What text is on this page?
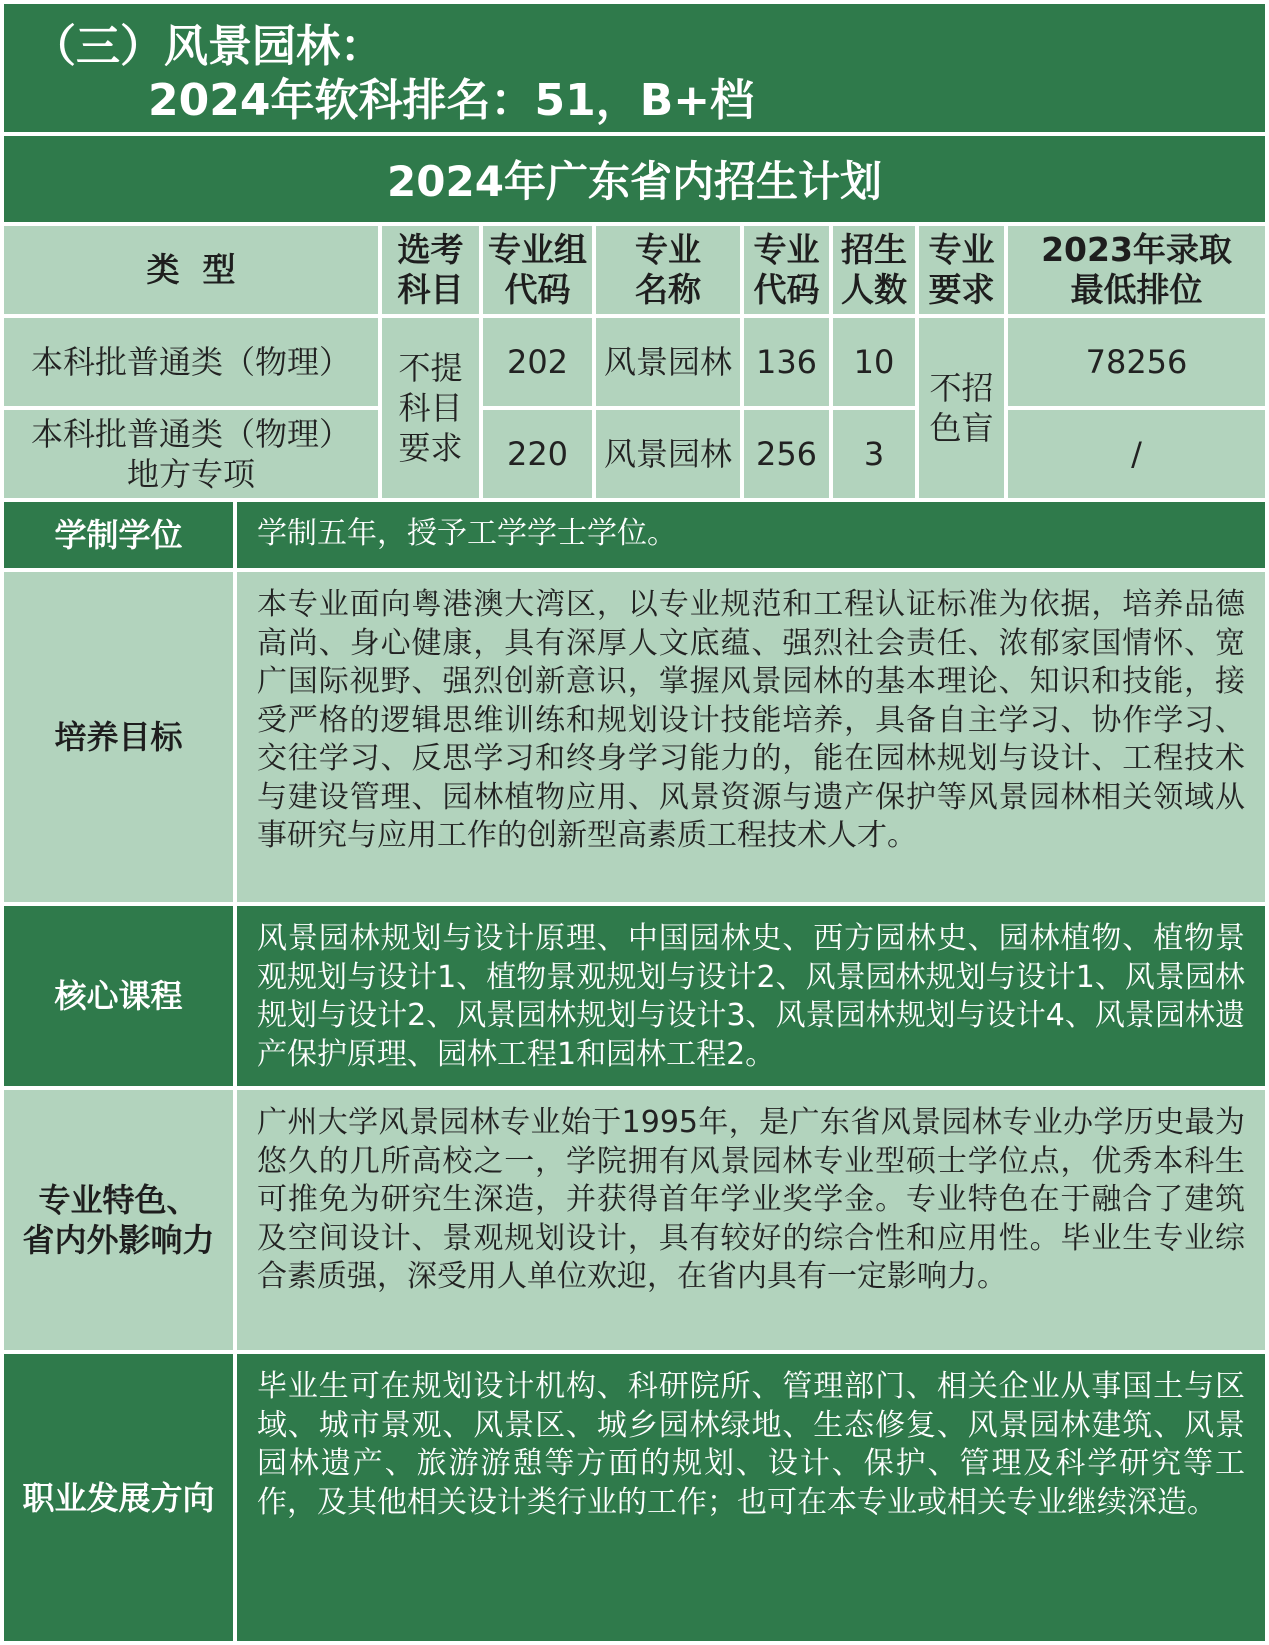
（三）风景园林：
2024年软科排名：51，B+档
2024年广东省内招生计划
类  型
选考
科目
专业组
代码
专业
名称
专业
代码
招生
人数
专业
要求
2023年录取
最低排位
本科批普通类（物理） 不提
科目
要求
202 风景园林 136 10
不招
色盲
78256
本科批普通类（物理）
地方专项
220 风景园林 256 3	/
学制学位	学制五年，授予工学学士学位。
培养目标
本专业面向粤港澳大湾区，以专业规范和工程认证标准为依据，培养品德高尚、身心健康，具有深厚人文底蕴、强烈社会责任、浓郁家国情怀、宽广国际视野、强烈创新意识，掌握风景园林的基本理论、知识和技能，接受严格的逻辑思维训练和规划设计技能培养，具备自主学习、协作学习、交往学习、反思学习和终身学习能力的，能在园林规划与设计、工程技术与建设管理、园林植物应用、风景资源与遗产保护等风景园林相关领域从事研究与应用工作的创新型高素质工程技术人才。
核心课程
风景园林规划与设计原理、中国园林史、西方园林史、园林植物、植物景观规划与设计1、植物景观规划与设计2、风景园林规划与设计1、风景园林规划与设计2、风景园林规划与设计3、风景园林规划与设计4、风景园林遗产保护原理、园林工程1和园林工程2。
专业特色、
省内外影响力
广州大学风景园林专业始于1995年，是广东省风景园林专业办学历史最为悠久的几所高校之一，学院拥有风景园林专业型硕士学位点，优秀本科生可推免为研究生深造，并获得首年学业奖学金。专业特色在于融合了建筑及空间设计、景观规划设计，具有较好的综合性和应用性。毕业生专业综合素质强，深受用人单位欢迎，在省内具有一定影响力。
职业发展方向
毕业生可在规划设计机构、科研院所、管理部门、相关企业从事国土与区域、城市景观、风景区、城乡园林绿地、生态修复、风景园林建筑、风景园林遗产、旅游游憩等方面的规划、设计、保护、管理及科学研究等工作，及其他相关设计类行业的工作；也可在本专业或相关专业继续深造。
